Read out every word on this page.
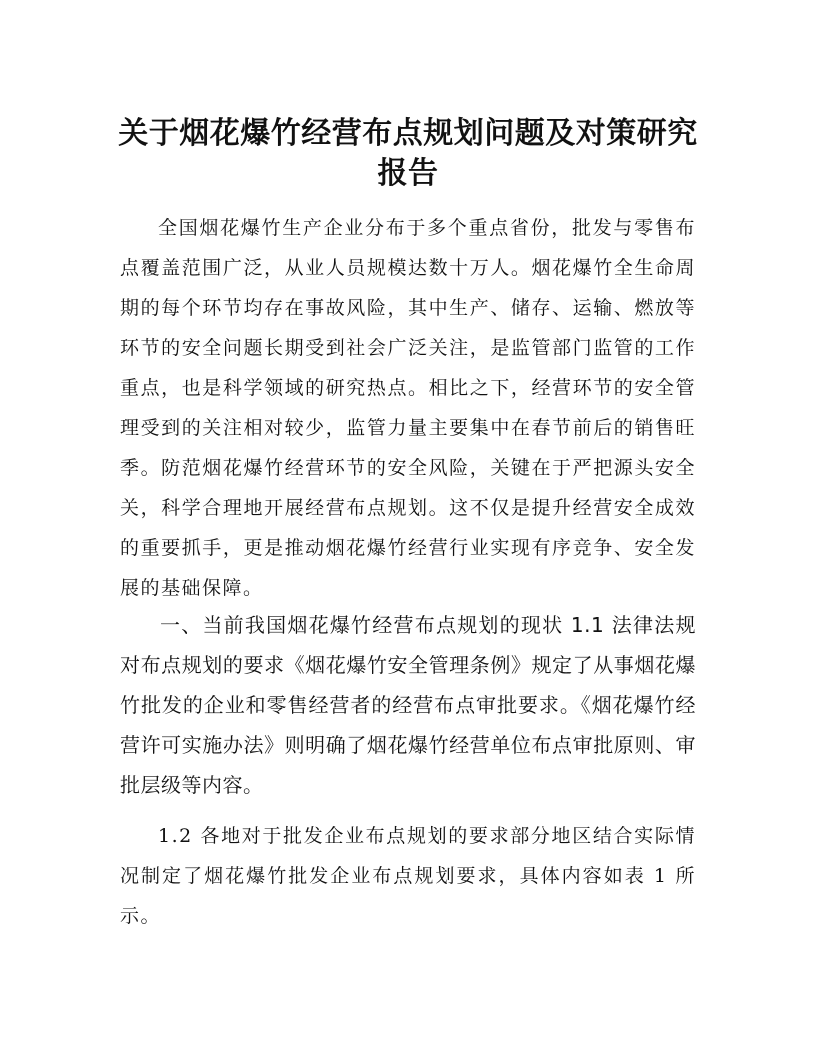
关于烟花爆竹经营布点规划问题及对策研究报告

全国烟花爆竹生产企业分布于多个重点省份，批发与零售布点覆盖范围广泛，从业人员规模达数十万人。烟花爆竹全生命周期的每个环节均存在事故风险，其中生产、储存、运输、燃放等环节的安全问题长期受到社会广泛关注，是监管部门监管的工作重点，也是科学领域的研究热点。相比之下，经营环节的安全管理受到的关注相对较少，监管力量主要集中在春节前后的销售旺季。防范烟花爆竹经营环节的安全风险，关键在于严把源头安全关，科学合理地开展经营布点规划。这不仅是提升经营安全成效的重要抓手，更是推动烟花爆竹经营行业实现有序竞争、安全发展的基础保障。

一、当前我国烟花爆竹经营布点规划的现状 1.1 法律法规对布点规划的要求《烟花爆竹安全管理条例》规定了从事烟花爆竹批发的企业和零售经营者的经营布点审批要求。《烟花爆竹经营许可实施办法》则明确了烟花爆竹经营单位布点审批原则、审批层级等内容。

1.2 各地对于批发企业布点规划的要求部分地区结合实际情况制定了烟花爆竹批发企业布点规划要求，具体内容如表 1 所示。
